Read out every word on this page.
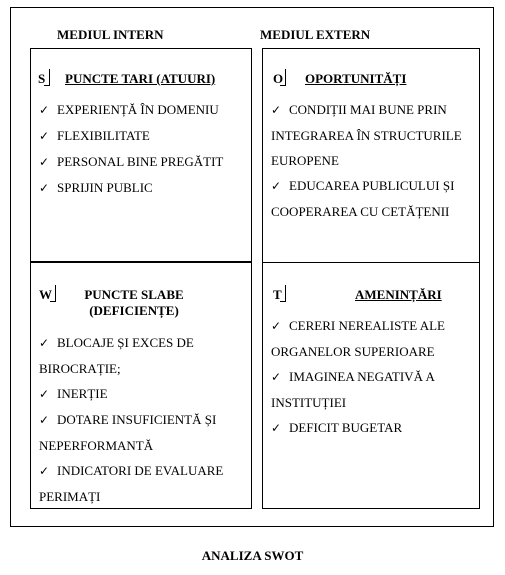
MEDIUL INTERN	MEDIUL EXTERN
S PUNCTE TARI (ATUURI)
✓ EXPERIENȚĂ ÎN DOMENIU
✓ FLEXIBILITATE
✓ PERSONAL BINE PREGĂTIT
✓ SPRIJIN PUBLIC
O OPORTUNITĂȚI
✓ CONDIȚII MAI BUNE PRIN
INTEGRAREA ÎN STRUCTURILE
EUROPENE
✓ EDUCAREA PUBLICULUI ȘI
COOPERAREA CU CETĂȚENII
W	PUNCTE SLABE
(DEFICIENȚE)
✓ BLOCAJE ȘI EXCES DE
BIROCRAȚIE;
✓ INERȚIE
✓ DOTARE INSUFICIENTĂ ȘI
NEPERFORMANTĂ
✓ INDICATORI DE EVALUARE
PERIMAȚI
T	AMENINȚĂRI
✓ CERERI NEREALISTE ALE
ORGANELOR SUPERIOARE
✓ IMAGINEA NEGATIVĂ A
INSTITUȚIEI
✓ DEFICIT BUGETAR
ANALIZA SWOT
